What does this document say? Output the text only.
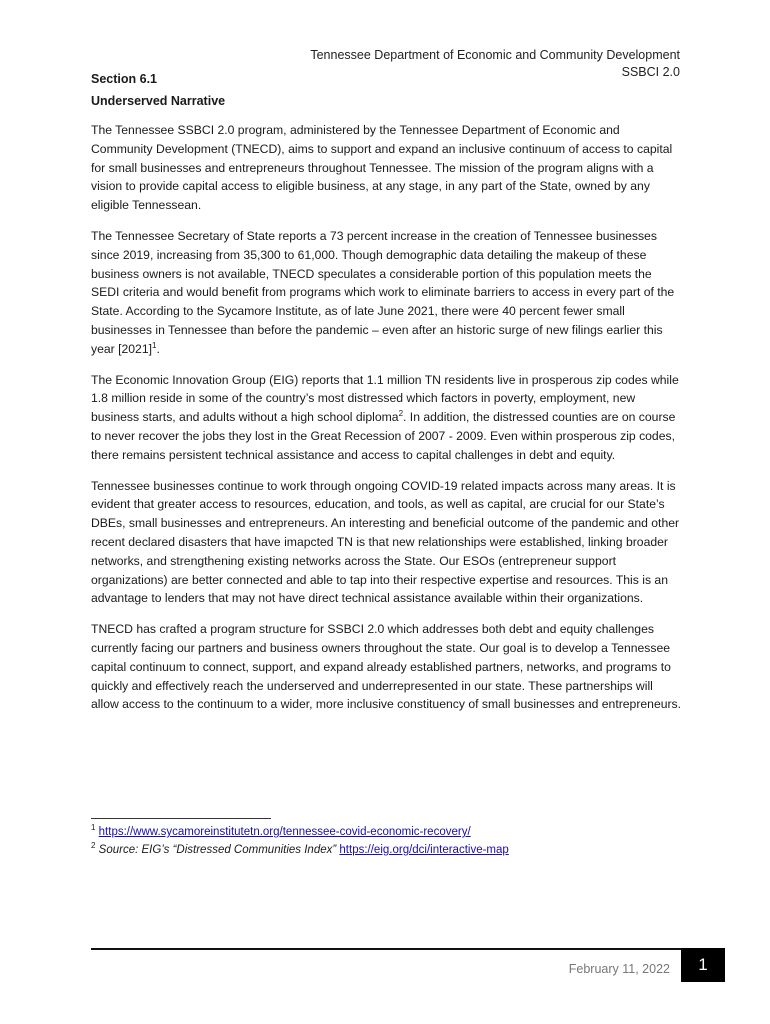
Tennessee Department of Economic and Community Development
SSBCI 2.0
Section 6.1
Underserved Narrative

The Tennessee SSBCI 2.0 program, administered by the Tennessee Department of Economic and Community Development (TNECD), aims to support and expand an inclusive continuum of access to capital for small businesses and entrepreneurs throughout Tennessee. The mission of the program aligns with a vision to provide capital access to eligible business, at any stage, in any part of the State, owned by any eligible Tennessean.

The Tennessee Secretary of State reports a 73 percent increase in the creation of Tennessee businesses since 2019, increasing from 35,300 to 61,000. Though demographic data detailing the makeup of these business owners is not available, TNECD speculates a considerable portion of this population meets the SEDI criteria and would benefit from programs which work to eliminate barriers to access in every part of the State. According to the Sycamore Institute, as of late June 2021, there were 40 percent fewer small businesses in Tennessee than before the pandemic – even after an historic surge of new filings earlier this year $[2021]^1$.

The Economic Innovation Group (EIG) reports that 1.1 million TN residents live in prosperous zip codes while 1.8 million reside in some of the country’s most distressed which factors in poverty, employment, new business starts, and adults without a high school diploma$^2$. In addition, the distressed counties are on course to never recover the jobs they lost in the Great Recession of 2007 - 2009. Even within prosperous zip codes, there remains persistent technical assistance and access to capital challenges in debt and equity.

Tennessee businesses continue to work through ongoing COVID-19 related impacts across many areas. It is evident that greater access to resources, education, and tools, as well as capital, are crucial for our State’s DBEs, small businesses and entrepreneurs. An interesting and beneficial outcome of the pandemic and other recent declared disasters that have imapcted TN is that new relationships were established, linking broader networks, and strengthening existing networks across the State. Our ESOs (entrepreneur support organizations) are better connected and able to tap into their respective expertise and resources. This is an advantage to lenders that may not have direct technical assistance available within their organizations.

TNECD has crafted a program structure for SSBCI 2.0 which addresses both debt and equity challenges currently facing our partners and business owners throughout the state. Our goal is to develop a Tennessee capital continuum to connect, support, and expand already established partners, networks, and programs to quickly and effectively reach the underserved and underrepresented in our state. These partnerships will allow access to the continuum to a wider, more inclusive constituency of small businesses and entrepreneurs.

$^1$ https://www.sycamoreinstitutetn.org/tennessee-covid-economic-recovery/
$^2$ Source: EIG’s “Distressed Communities Index” https://eig.org/dci/interactive-map
February 11, 2022 1
